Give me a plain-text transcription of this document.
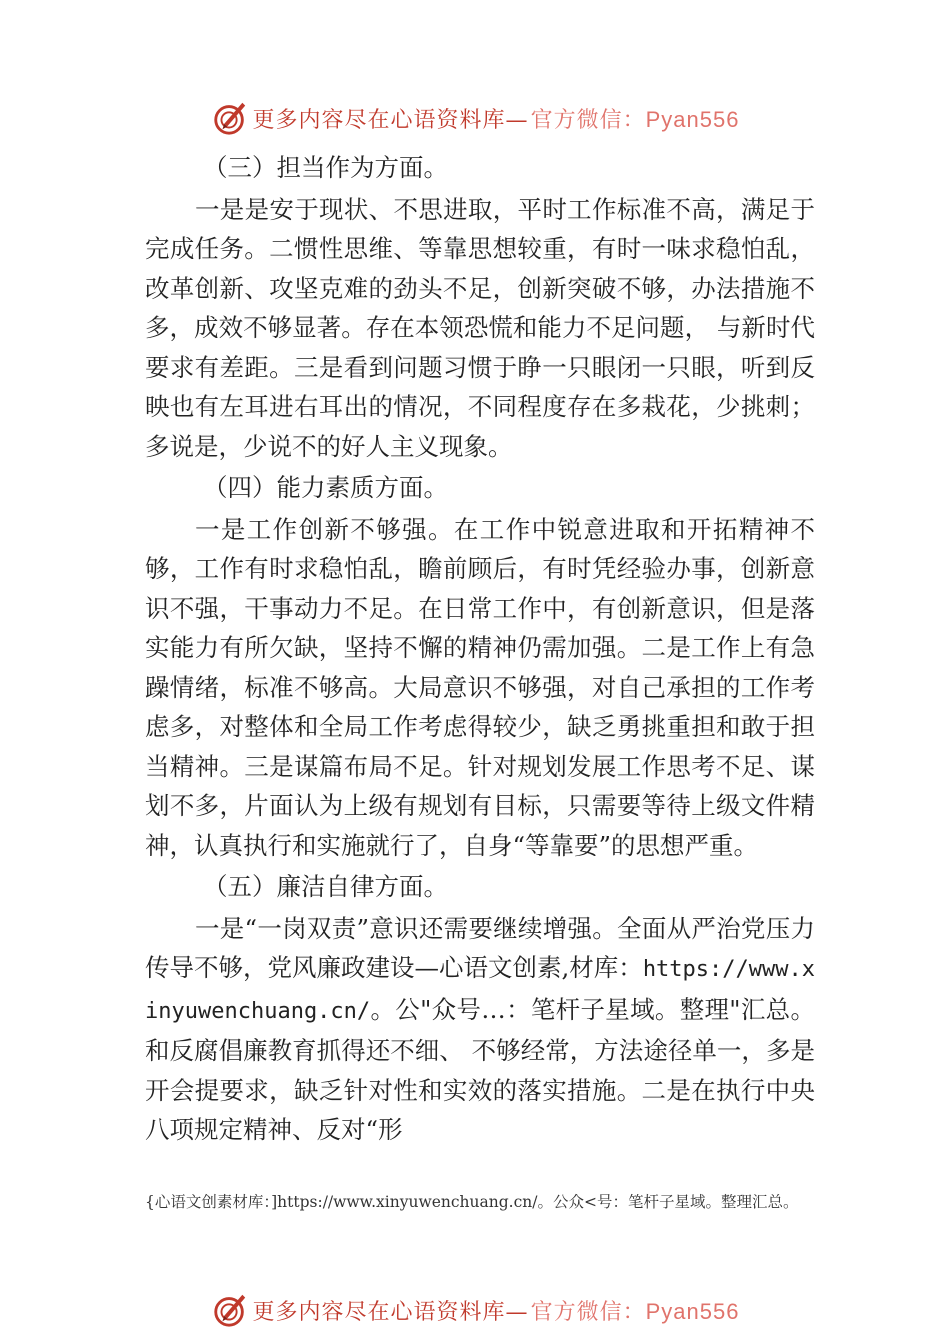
更多内容尽在心语资料库—官方微信：Pyan556

（三）担当作为方面。

一是是安于现状、不思进取，平时工作标准不高，满足于完成任务。二惯性思维、等靠思想较重，有时一味求稳怕乱，改革创新、攻坚克难的劲头不足，创新突破不够，办法措施不多，成效不够显著。存在本领恐慌和能力不足问题， 与新时代要求有差距。三是看到问题习惯于睁一只眼闭一只眼，听到反映也有左耳进右耳出的情况，不同程度存在多栽花，少挑刺；多说是，少说不的好人主义现象。

（四）能力素质方面。

一是工作创新不够强。在工作中锐意进取和开拓精神不够，工作有时求稳怕乱，瞻前顾后，有时凭经验办事，创新意识不强，干事动力不足。在日常工作中，有创新意识，但是落实能力有所欠缺，坚持不懈的精神仍需加强。二是工作上有急躁情绪，标准不够高。大局意识不够强，对自己承担的工作考虑多，对整体和全局工作考虑得较少，缺乏勇挑重担和敢于担当精神。三是谋篇布局不足。针对规划发展工作思考不足、谋划不多，片面认为上级有规划有目标，只需要等待上级文件精神，认真执行和实施就行了，自身“等靠要”的思想严重。

（五）廉洁自律方面。

一是“一岗双责”意识还需要继续增强。全面从严治党压力传导不够，党风廉政建设—心语文创素,材库：https://www.xinyuwenchuang.cn/。公"众号…：笔杆子星域。整理"汇总。和反腐倡廉教育抓得还不细、 不够经常，方法途径单一，多是开会提要求，缺乏针对性和实效的落实措施。二是在执行中央八项规定精神、反对“形

{心语文创素材库：]https://www.xinyuwenchuang.cn/。公众<号：笔杆子星域。整理汇总。
更多内容尽在心语资料库—官方微信：Pyan556
